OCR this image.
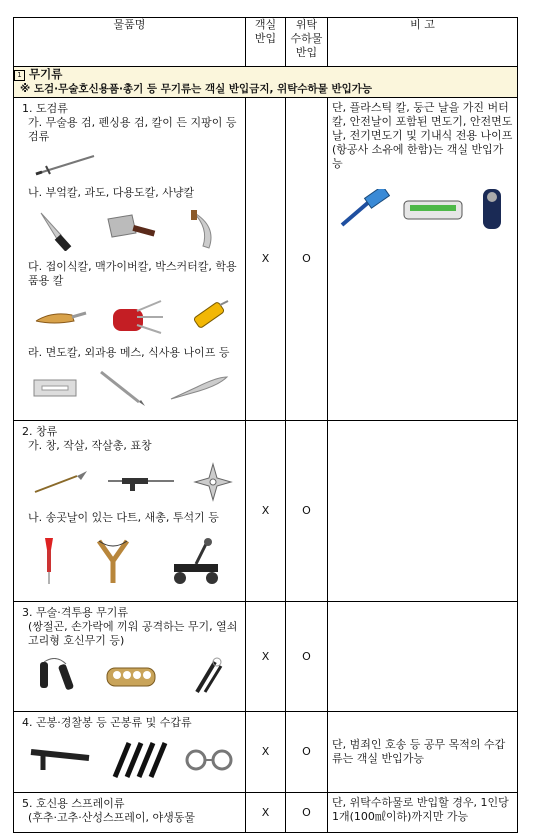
물품명	객실
반입	위탁
수하물
반입	비 고

1 무기류
※ 도검·무술호신용품·총기 등 무기류는 객실 반입금지, 위탁수하물 반입가능			

1. 도검류
가. 무술용 검, 펜싱용 검, 칼이 든 지팡이 등 검류
나. 부엌칼, 과도, 다용도칼, 사냥칼
다. 접이식칼, 맥가이버칼, 박스커터칼, 학용품용 칼
라. 면도칼, 외과용 메스, 식사용 나이프 등	X	O	단, 플라스틱 칼, 둥근 날을 가진 버터칼, 안전날이 포함된 면도기, 안전면도날, 전기면도기 및 기내식 전용 나이프(항공사 소유에 한함)는 객실 반입가능

2. 창류
가. 창, 작살, 작살총, 표창
나. 송곳날이 있는 다트, 새총, 투석기 등	X	O	

3. 무술·격투용 무기류
(쌍절곤, 손가락에 끼워 공격하는 무기, 열쇠고리형 호신무기 등)	X	O	

4. 곤봉·경찰봉 등 곤봉류 및 수갑류	X	O	단, 범죄인 호송 등 공무 목적의 수갑류는 객실 반입가능

5. 호신용 스프레이류
(후추·고추·산성스프레이, 야생동물	X	O	단, 위탁수하물로 반입할 경우, 1인당 1개(100㎖이하)까지만 가능
